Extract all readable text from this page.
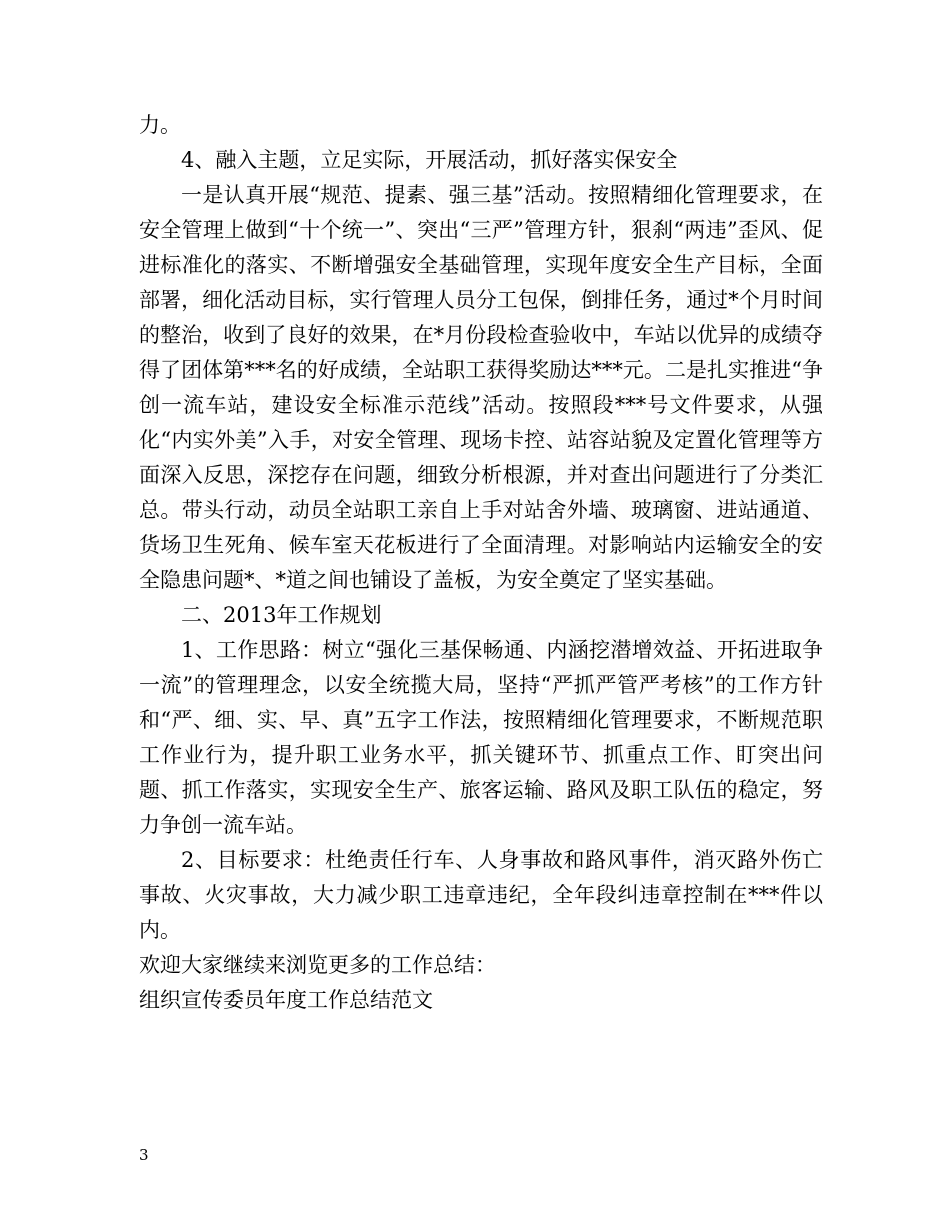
力。

4、融入主题，立足实际，开展活动，抓好落实保安全

一是认真开展“规范、提素、强三基”活动。按照精细化管理要求，在安全管理上做到“十个统一”、突出“三严”管理方针，狠刹“两违”歪风、促进标准化的落实、不断增强安全基础管理，实现年度安全生产目标，全面部署，细化活动目标，实行管理人员分工包保，倒排任务，通过*个月时间的整治，收到了良好的效果，在*月份段检查验收中，车站以优异的成绩夺得了团体第***名的好成绩，全站职工获得奖励达***元。二是扎实推进“争创一流车站，建设安全标准示范线”活动。按照段***号文件要求，从强化“内实外美”入手，对安全管理、现场卡控、站容站貌及定置化管理等方面深入反思，深挖存在问题，细致分析根源，并对查出问题进行了分类汇总。带头行动，动员全站职工亲自上手对站舍外墙、玻璃窗、进站通道、货场卫生死角、候车室天花板进行了全面清理。对影响站内运输安全的安全隐患问题*、*道之间也铺设了盖板，为安全奠定了坚实基础。

二、2013年工作规划

1、工作思路：树立“强化三基保畅通、内涵挖潜增效益、开拓进取争一流”的管理理念，以安全统揽大局，坚持“严抓严管严考核”的工作方针和“严、细、实、早、真”五字工作法，按照精细化管理要求，不断规范职工作业行为，提升职工业务水平，抓关键环节、抓重点工作、盯突出问题、抓工作落实，实现安全生产、旅客运输、路风及职工队伍的稳定，努力争创一流车站。

2、目标要求：杜绝责任行车、人身事故和路风事件，消灭路外伤亡事故、火灾事故，大力减少职工违章违纪，全年段纠违章控制在***件以内。

欢迎大家继续来浏览更多的工作总结：

组织宣传委员年度工作总结范文

3
